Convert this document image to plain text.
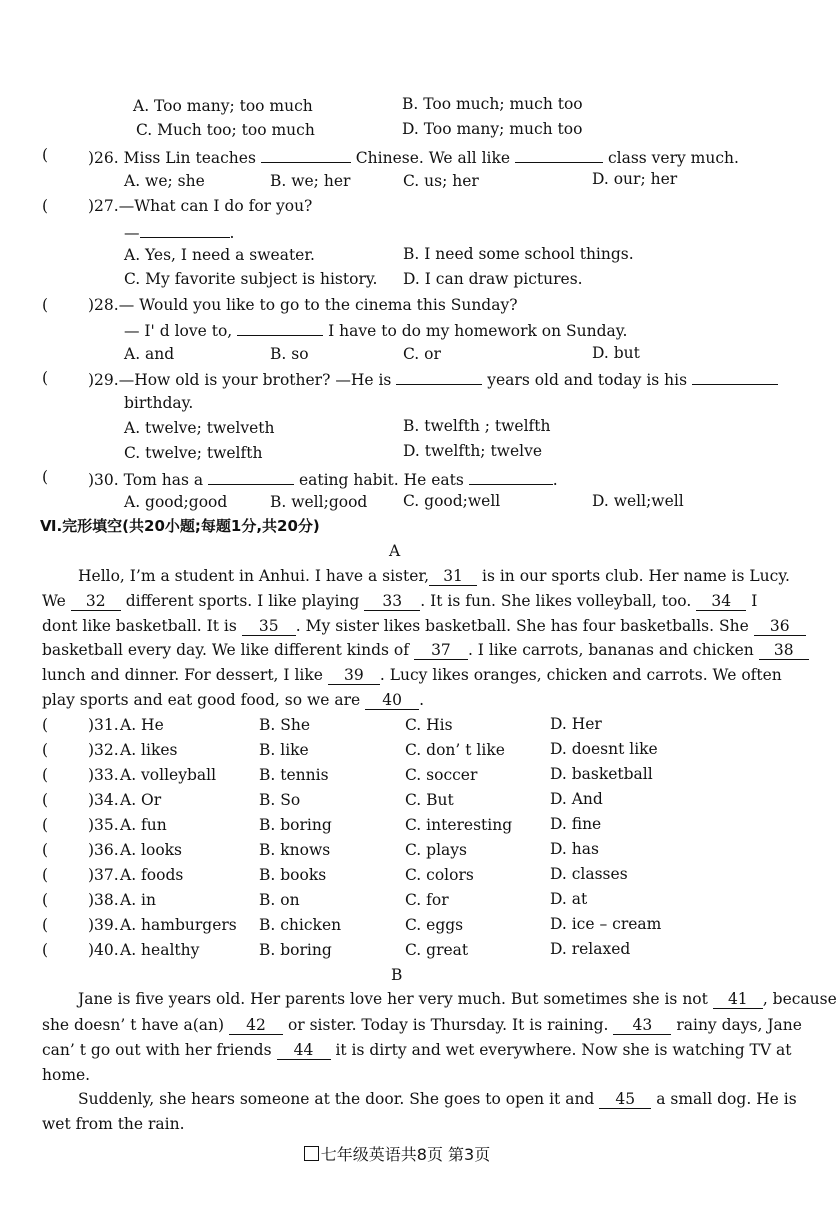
A. Too many; too much	B. Too much; much too
C. Much too; too much	D. Too many; much too
(	)26. Miss Lin teaches	Chinese. We all like	class very much.
A. we; she	B. we; her	C. us; her	D. our; her
(	)27.—What can I do for you?
—	.
A. Yes, I need a sweater.	B. I need some school things.
C. My favorite subject is history. D. I can draw pictures.
(	)28.— Would you like to go to the cinema this Sunday?
— I' d love to,	I have to do my homework on Sunday.
A. and	B. so	C. or	D. but
(	)29.—How old is your brother? —He is	years old and today is his
birthday.
A. twelve; twelveth	B. twelfth ; twelfth
C. twelve; twelfth	D. twelfth; twelve
(	)30. Tom has a	eating habit. He eats	.
A. good;good	B. well;good C. good;well	D. well;well
Ⅵ.完形填空(共20小题;每题1分,共20分)
A
Hello, I’m a student in Anhui. I have a sister, 31 is in our sports club. Her name is Lucy.
We 32 different sports. I like playing 33 . It is fun. She likes volleyball, too. 34 I
dont like basketball. It is 35 . My sister likes basketball. She has four basketballs. She 36
basketball every day. We like different kinds of 37 . I like carrots, bananas and chicken 38
lunch and dinner. For dessert, I like 39 . Lucy likes oranges, chicken and carrots. We often
play sports and eat good food, so we are 40 .
(	)31. A. He	B. She	C. His	D. Her
(	)32. A. likes	B. like	C. don’ t like	D. doesnt like
(	)33. A. volleyball	B. tennis	C. soccer	D. basketball
(	)34. A. Or	B. So	C. But	D. And
(	)35. A. fun	B. boring	C. interesting D. fine
(	)36. A. looks	B. knows	C. plays	D. has
(	)37. A. foods	B. books	C. colors	D. classes
(	)38. A. in	B. on	C. for	D. at
(	)39. A. hamburgers B. chicken	C. eggs	D. ice – cream
(	)40. A. healthy	B. boring	C. great	D. relaxed
B
Jane is five years old. Her parents love her very much. But sometimes she is not 41 , because
she doesn’ t have a(an) 42 or sister. Today is Thursday. It is raining. 43 rainy days, Jane
can’ t go out with her friends 44 it is dirty and wet everywhere. Now she is watching TV at
home.
Suddenly, she hears someone at the door. She goes to open it and 45 a small dog. He is
wet from the rain.
七年级英语共8页 第3页
